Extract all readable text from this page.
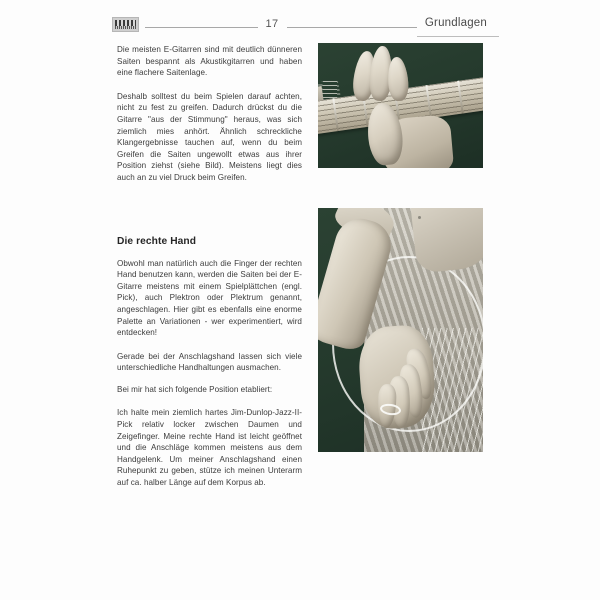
17	Grundlagen

Die meisten E-Gitarren sind mit deutlich dünneren Saiten bespannt als Akustikgitarren und haben eine flachere Saitenlage.

Deshalb solltest du beim Spielen darauf achten, nicht zu fest zu greifen. Dadurch drückst du die Gitarre "aus der Stimmung" heraus, was sich ziemlich mies anhört. Ähnlich schreckliche Klangergebnisse tauchen auf, wenn du beim Greifen die Saiten ungewollt etwas aus ihrer Position ziehst (siehe Bild). Meistens liegt dies auch an zu viel Druck beim Greifen.

Die rechte Hand

Obwohl man natürlich auch die Finger der rechten Hand benutzen kann, werden die Saiten bei der E-Gitarre meistens mit einem Spielplättchen (engl. Pick), auch Plektron oder Plektrum genannt, angeschlagen. Hier gibt es ebenfalls eine enorme Palette an Variationen - wer experimentiert, wird entdecken!

Gerade bei der Anschlagshand lassen sich viele unterschiedliche Handhaltungen ausmachen.

Bei mir hat sich folgende Position etabliert:

Ich halte mein ziemlich hartes Jim-Dunlop-Jazz-II-Pick relativ locker zwischen Daumen und Zeigefinger. Meine rechte Hand ist leicht geöffnet und die Anschläge kommen meistens aus dem Handgelenk. Um meiner Anschlagshand einen Ruhepunkt zu geben, stütze ich meinen Unterarm auf ca. halber Länge auf dem Korpus ab.
